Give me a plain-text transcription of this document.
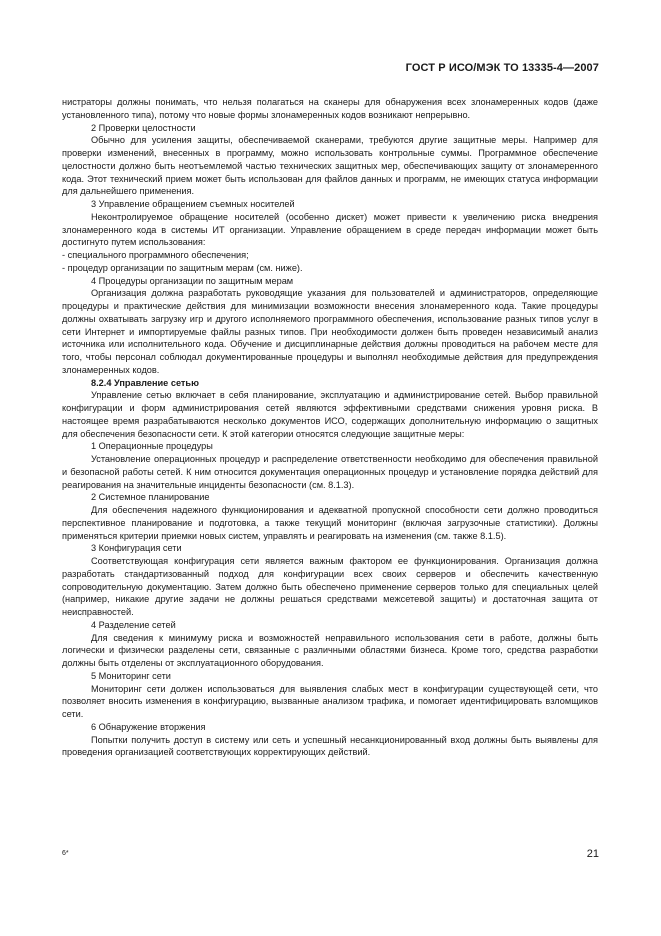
ГОСТ Р ИСО/МЭК ТО 13335-4—2007

нистраторы должны понимать, что нельзя полагаться на сканеры для обнаружения всех злонамеренных кодов (даже установленного типа), потому что новые формы злонамеренных кодов возникают непрерывно.

2 Проверки целостности

Обычно для усиления защиты, обеспечиваемой сканерами, требуются другие защитные меры. Например для проверки изменений, внесенных в программу, можно использовать контрольные суммы. Программное обеспечение целостности должно быть неотъемлемой частью технических защитных мер, обеспечивающих защиту от злонамеренного кода. Этот технический прием может быть использован для файлов данных и программ, не имеющих статуса информации для дальнейшего применения.

3 Управление обращением съемных носителей

Неконтролируемое обращение носителей (особенно дискет) может привести к увеличению риска внедрения злонамеренного кода в системы ИТ организации. Управление обращением в среде передач информации может быть достигнуто путем использования:

- специального программного обеспечения;

- процедур организации по защитным мерам (см. ниже).

4 Процедуры организации по защитным мерам

Организация должна разработать руководящие указания для пользователей и администраторов, определяющие процедуры и практические действия для минимизации возможности внесения злонамеренного кода. Такие процедуры должны охватывать загрузку игр и другого исполняемого программного обеспечения, использование разных типов услуг в сети Интернет и импортируемые файлы разных типов. При необходимости должен быть проведен независимый анализ источника или исполнительного кода. Обучение и дисциплинарные действия должны проводиться на рабочем месте для того, чтобы персонал соблюдал документированные процедуры и выполнял необходимые действия для предупреждения злонамеренных кодов.

8.2.4 Управление сетью

Управление сетью включает в себя планирование, эксплуатацию и администрирование сетей. Выбор правильной конфигурации и форм администрирования сетей являются эффективными средствами снижения уровня риска. В настоящее время разрабатываются несколько документов ИСО, содержащих дополнительную информацию о защитных для обеспечения безопасности сети. К этой категории относятся следующие защитные меры:

1 Операционные процедуры

Установление операционных процедур и распределение ответственности необходимо для обеспечения правильной и безопасной работы сетей. К ним относится документация операционных процедур и установление порядка действий для реагирования на значительные инциденты безопасности (см. 8.1.3).

2 Системное планирование

Для обеспечения надежного функционирования и адекватной пропускной способности сети должно проводиться перспективное планирование и подготовка, а также текущий мониторинг (включая загрузочные статистики). Должны применяться критерии приемки новых систем, управлять и реагировать на изменения (см. также 8.1.5).

3 Конфигурация сети

Соответствующая конфигурация сети является важным фактором ее функционирования. Организация должна разработать стандартизованный подход для конфигурации всех своих серверов и обеспечить качественную сопроводительную документацию. Затем должно быть обеспечено применение серверов только для специальных целей (например, никакие другие задачи не должны решаться средствами межсетевой защиты) и достаточная защита от неисправностей.

4 Разделение сетей

Для сведения к минимуму риска и возможностей неправильного использования сети в работе, должны быть логически и физически разделены сети, связанные с различными областями бизнеса. Кроме того, средства разработки должны быть отделены от эксплуатационного оборудования.

5 Мониторинг сети

Мониторинг сети должен использоваться для выявления слабых мест в конфигурации существующей сети, что позволяет вносить изменения в конфигурацию, вызванные анализом трафика, и помогает идентифицировать взломщиков сети.

6 Обнаружение вторжения

Попытки получить доступ в систему или сеть и успешный несанкционированный вход должны быть выявлены для проведения организацией соответствующих корректирующих действий.

6*	21
